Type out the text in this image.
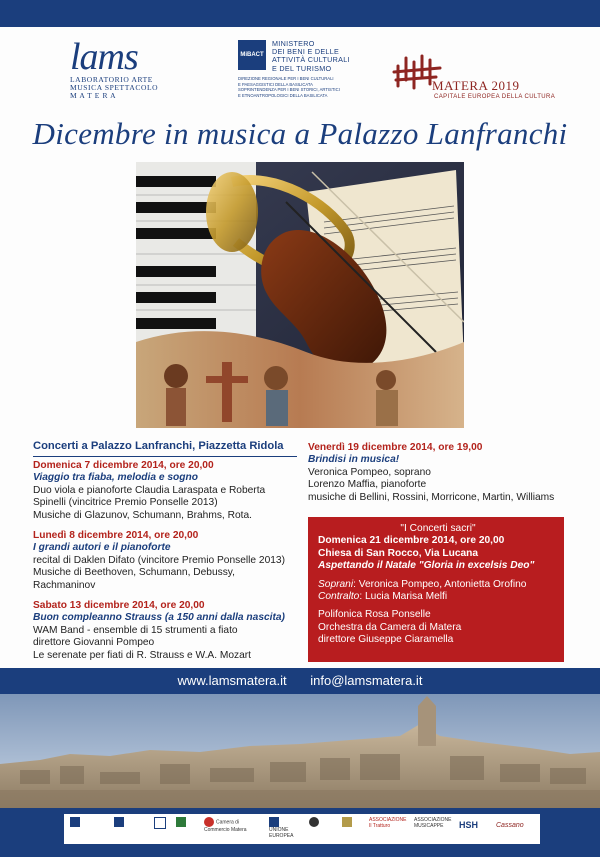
lams
LABORATORIO ARTE
MUSICA SPETTACOLO
M A T E R A
MiBACT
MINISTERO
DEI BENI E DELLE
ATTIVITÀ CULTURALI
E DEL TURISMO
DIREZIONE REGIONALE PER I BENI CULTURALI
E PAESAGGISTICI DELLA BASILICATA
SOPRINTENDENZA PER I BENI STORICI, ARTISTICI
E ETNOANTROPOLOGICI DELLA BASILICATA
MATERA 2019
CAPITALE EUROPEA DELLA CULTURA
Dicembre in musica a Palazzo Lanfranchi
Concerti a Palazzo Lanfranchi, Piazzetta Ridola
Domenica 7 dicembre 2014, ore 20,00
Viaggio tra fiaba, melodia e sogno
Duo viola e pianoforte Claudia Laraspata e Roberta
Spinelli (vincitrice Premio Ponselle 2013)
Musiche di Glazunov, Schumann, Brahms, Rota.
Lunedì 8 dicembre 2014, ore 20,00
I grandi autori e il pianoforte
recital di Daklen Difato (vincitore Premio Ponselle 2013)
Musiche di Beethoven, Schumann, Debussy,
Rachmaninov
Sabato 13 dicembre 2014, ore 20,00
Buon compleanno Strauss (a 150 anni dalla nascita)
WAM Band - ensemble di 15 strumenti a fiato
direttore Giovanni Pompeo
Le serenate per fiati di R. Strauss e W.A. Mozart
Venerdì 19 dicembre 2014, ore 19,00
Brindisi in musica!
Veronica Pompeo, soprano
Lorenzo Maffia, pianoforte
musiche di Bellini, Rossini, Morricone, Martin, Williams
"I Concerti sacri"
Domenica 21 dicembre 2014, ore 20,00
Chiesa di San Rocco, Via Lucana
Aspettando il Natale "Gloria in excelsis Deo"
Soprani: Veronica Pompeo, Antonietta Orofino
Contralto: Lucia Marisa Melfi
Polifonica Rosa Ponselle
Orchestra da Camera di Matera
direttore Giuseppe Ciaramella
www.lamsmatera.it info@lamsmatera.it
Camera di Commercio Matera	UNIONE EUROPEA
ASSOCIAZIONE Il Tratturo
ASSOCIAZIONE MUSICAPPE	HSH	Cassano
